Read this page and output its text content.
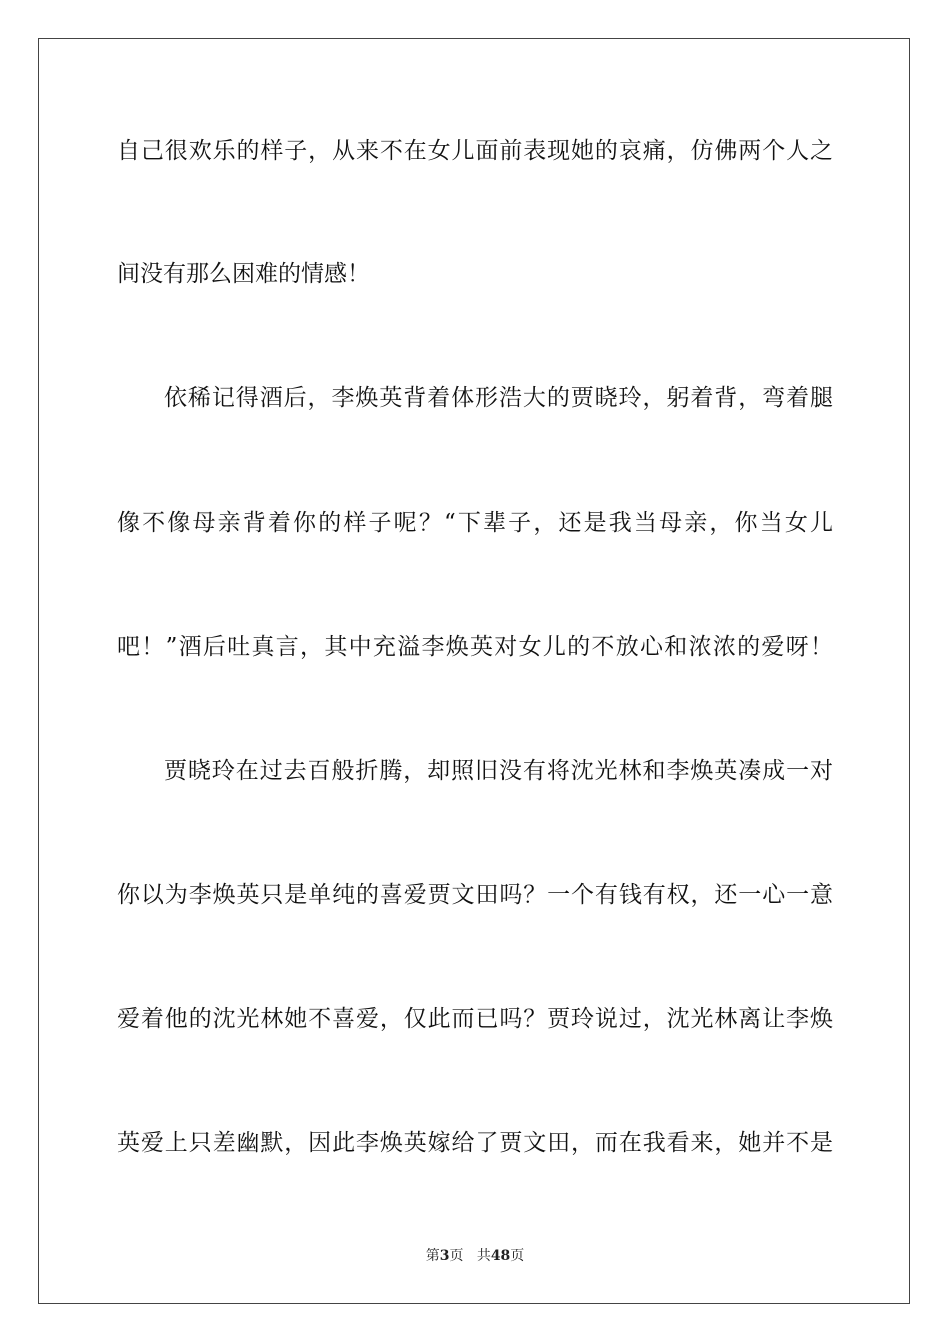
自己很欢乐的样子，从来不在女儿面前表现她的哀痛，仿佛两个人之
间没有那么困难的情感！
依稀记得酒后，李焕英背着体形浩大的贾晓玲，躬着背，弯着腿
像不像母亲背着你的样子呢？“下辈子，还是我当母亲，你当女儿
吧！”酒后吐真言，其中充溢李焕英对女儿的不放心和浓浓的爱呀！
贾晓玲在过去百般折腾，却照旧没有将沈光林和李焕英凑成一对
你以为李焕英只是单纯的喜爱贾文田吗？一个有钱有权，还一心一意
爱着他的沈光林她不喜爱，仅此而已吗？贾玲说过，沈光林离让李焕
英爱上只差幽默，因此李焕英嫁给了贾文田，而在我看来，她并不是
第3页 共48页
